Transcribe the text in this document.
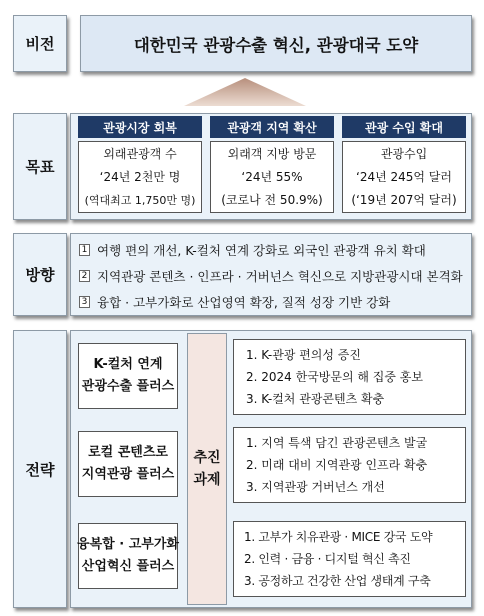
비전	대한민국 관광수출 혁신, 관광대국 도약
목표
관광시장 회복
외래관광객 수
‘24년 2천만 명
(역대최고 1,750만 명)
관광객 지역 확산
외래객 지방 방문
‘24년 55%
(코로나 전 50.9%)
관광 수입 확대
관광수입
‘24년 245억 달러
(‘19년 207억 달러)
방향
1 여행 편의 개선, K-컬처 연계 강화로 외국인 관광객 유치 확대
2 지역관광 콘텐츠 · 인프라 · 거버넌스 혁신으로 지방관광시대 본격화
3 융합 · 고부가화로 산업영역 확장, 질적 성장 기반 강화
전략
K-컬처 연계
관광수출 플러스
로컬 콘텐츠로
지역관광 플러스
융복합 · 고부가화
산업혁신 플러스
추진
과제
1. K-관광 편의성 증진
2. 2024 한국방문의 해 집중 홍보
3. K-컬처 관광콘텐츠 확충
1. 지역 특색 담긴 관광콘텐츠 발굴
2. 미래 대비 지역관광 인프라 확충
3. 지역관광 거버넌스 개선
1. 고부가 치유관광 · MICE 강국 도약
2. 인력 · 금융 · 디지털 혁신 촉진
3. 공정하고 건강한 산업 생태계 구축
